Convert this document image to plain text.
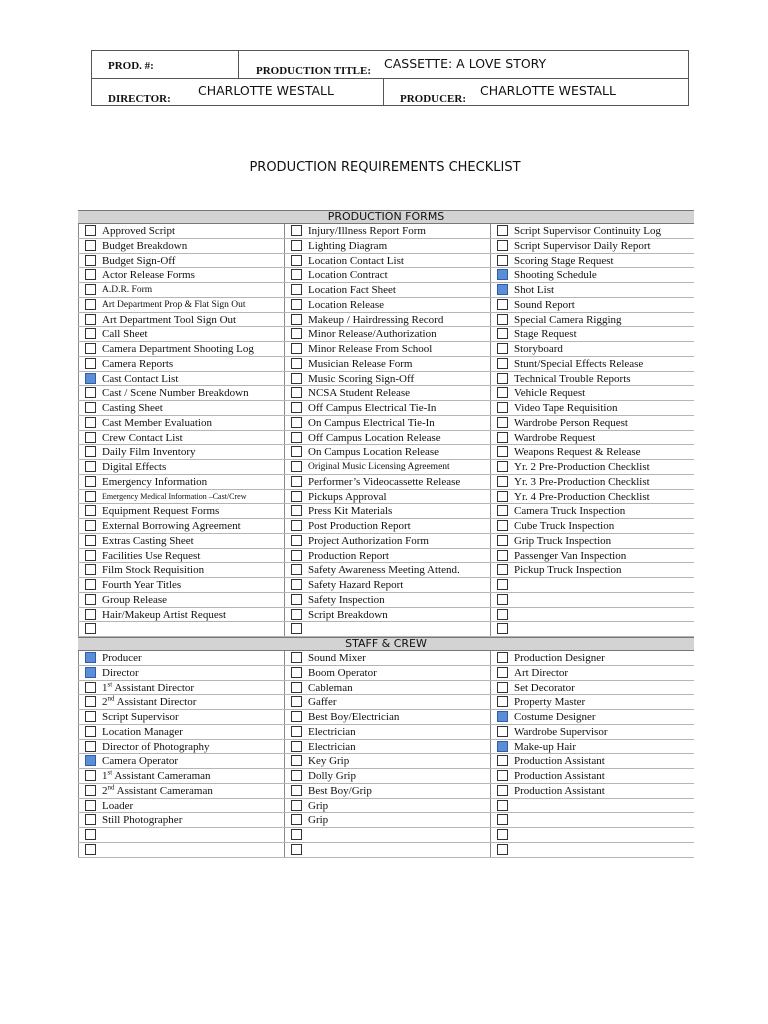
PROD. #:	PRODUCTION TITLE: CASSETTE: A LOVE STORY
DIRECTOR:
CHARLOTTE WESTALL
PRODUCER:
CHARLOTTE WESTALL
PRODUCTION REQUIREMENTS CHECKLIST
PRODUCTION FORMS
Approved Script	Injury/Illness Report Form	Script Supervisor Continuity Log
Budget Breakdown	Lighting Diagram	Script Supervisor Daily Report
Budget Sign-Off	Location Contact List	Scoring Stage Request
Actor Release Forms	Location Contract	Shooting Schedule
A.D.R. Form	Location Fact Sheet	Shot List
Art Department Prop & Flat Sign Out	Location Release	Sound Report
Art Department Tool Sign Out	Makeup / Hairdressing Record	Special Camera Rigging
Call Sheet	Minor Release/Authorization	Stage Request
Camera Department Shooting Log	Minor Release From School	Storyboard
Camera Reports	Musician Release Form	Stunt/Special Effects Release
Cast Contact List	Music Scoring Sign-Off	Technical Trouble Reports
Cast / Scene Number Breakdown	NCSA Student Release	Vehicle Request
Casting Sheet	Off Campus Electrical Tie-In	Video Tape Requisition
Cast Member Evaluation	On Campus Electrical Tie-In	Wardrobe Person Request
Crew Contact List	Off Campus Location Release	Wardrobe Request
Daily Film Inventory	On Campus Location Release	Weapons Request & Release
Digital Effects	Original Music Licensing Agreement	Yr. 2 Pre-Production Checklist
Emergency Information	Performer’s Videocassette Release	Yr. 3 Pre-Production Checklist
Emergency Medical Information –Cast/Crew	Pickups Approval	Yr. 4 Pre-Production Checklist
Equipment Request Forms	Press Kit Materials	Camera Truck Inspection
External Borrowing Agreement	Post Production Report	Cube Truck Inspection
Extras Casting Sheet	Project Authorization Form	Grip Truck Inspection
Facilities Use Request	Production Report	Passenger Van Inspection
Film Stock Requisition	Safety Awareness Meeting Attend.	Pickup Truck Inspection
Fourth Year Titles	Safety Hazard Report
Group Release	Safety Inspection
Hair/Makeup Artist Request	Script Breakdown
STAFF & CREW
Producer	Sound Mixer	Production Designer
Director	Boom Operator	Art Director
1st Assistant Director	Cableman	Set Decorator
2nd Assistant Director	Gaffer	Property Master
Script Supervisor	Best Boy/Electrician	Costume Designer
Location Manager	Electrician	Wardrobe Supervisor
Director of Photography	Electrician	Make-up Hair
Camera Operator	Key Grip	Production Assistant
1st Assistant Cameraman	Dolly Grip	Production Assistant
2nd Assistant Cameraman	Best Boy/Grip	Production Assistant
Loader	Grip
Still Photographer	Grip
